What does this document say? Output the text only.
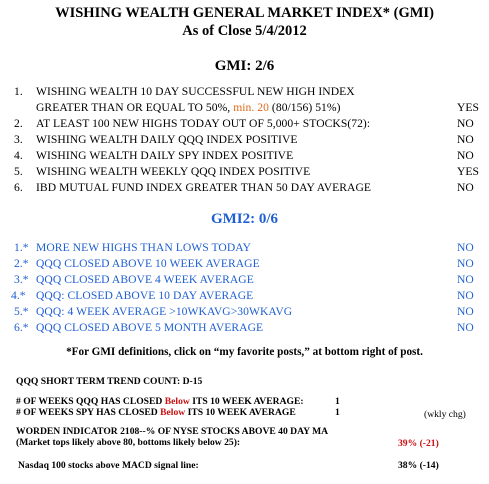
WISHING WEALTH GENERAL MARKET INDEX* (GMI)
As of Close 5/4/2012
GMI: 2/6
1. WISHING WEALTH 10 DAY SUCCESSFUL NEW HIGH INDEX
GREATER THAN OR EQUAL TO 50%, min. 20 (80/156) 51%)	YES
2. AT LEAST 100 NEW HIGHS TODAY OUT OF 5,000+ STOCKS(72):	NO
3. WISHING WEALTH DAILY QQQ INDEX POSITIVE	NO
4. WISHING WEALTH DAILY SPY INDEX POSITIVE	NO
5. WISHING WEALTH WEEKLY QQQ INDEX POSITIVE	YES
6. IBD MUTUAL FUND INDEX GREATER THAN 50 DAY AVERAGE	NO
GMI2: 0/6
1.* MORE NEW HIGHS THAN LOWS TODAY	NO
2.* QQQ CLOSED ABOVE 10 WEEK AVERAGE	NO
3.* QQQ CLOSED ABOVE 4 WEEK AVERAGE	NO
4.* QQQ: CLOSED ABOVE 10 DAY AVERAGE	NO
5.* QQQ: 4 WEEK AVERAGE >10WKAVG>30WKAVG	NO
6.* QQQ CLOSED ABOVE 5 MONTH AVERAGE	NO
*For GMI definitions, click on “my favorite posts,” at bottom right of post.
QQQ SHORT TERM TREND COUNT: D-15
# OF WEEKS QQQ HAS CLOSED Below ITS 10 WEEK AVERAGE:	1
# OF WEEKS SPY HAS CLOSED Below ITS 10 WEEK AVERAGE	1	(wkly chg)
WORDEN INDICATOR 2108--% OF NYSE STOCKS ABOVE 40 DAY MA
(Market tops likely above 80, bottoms likely below 25):	39% (-21)
Nasdaq 100 stocks above MACD signal line:	38% (-14)
